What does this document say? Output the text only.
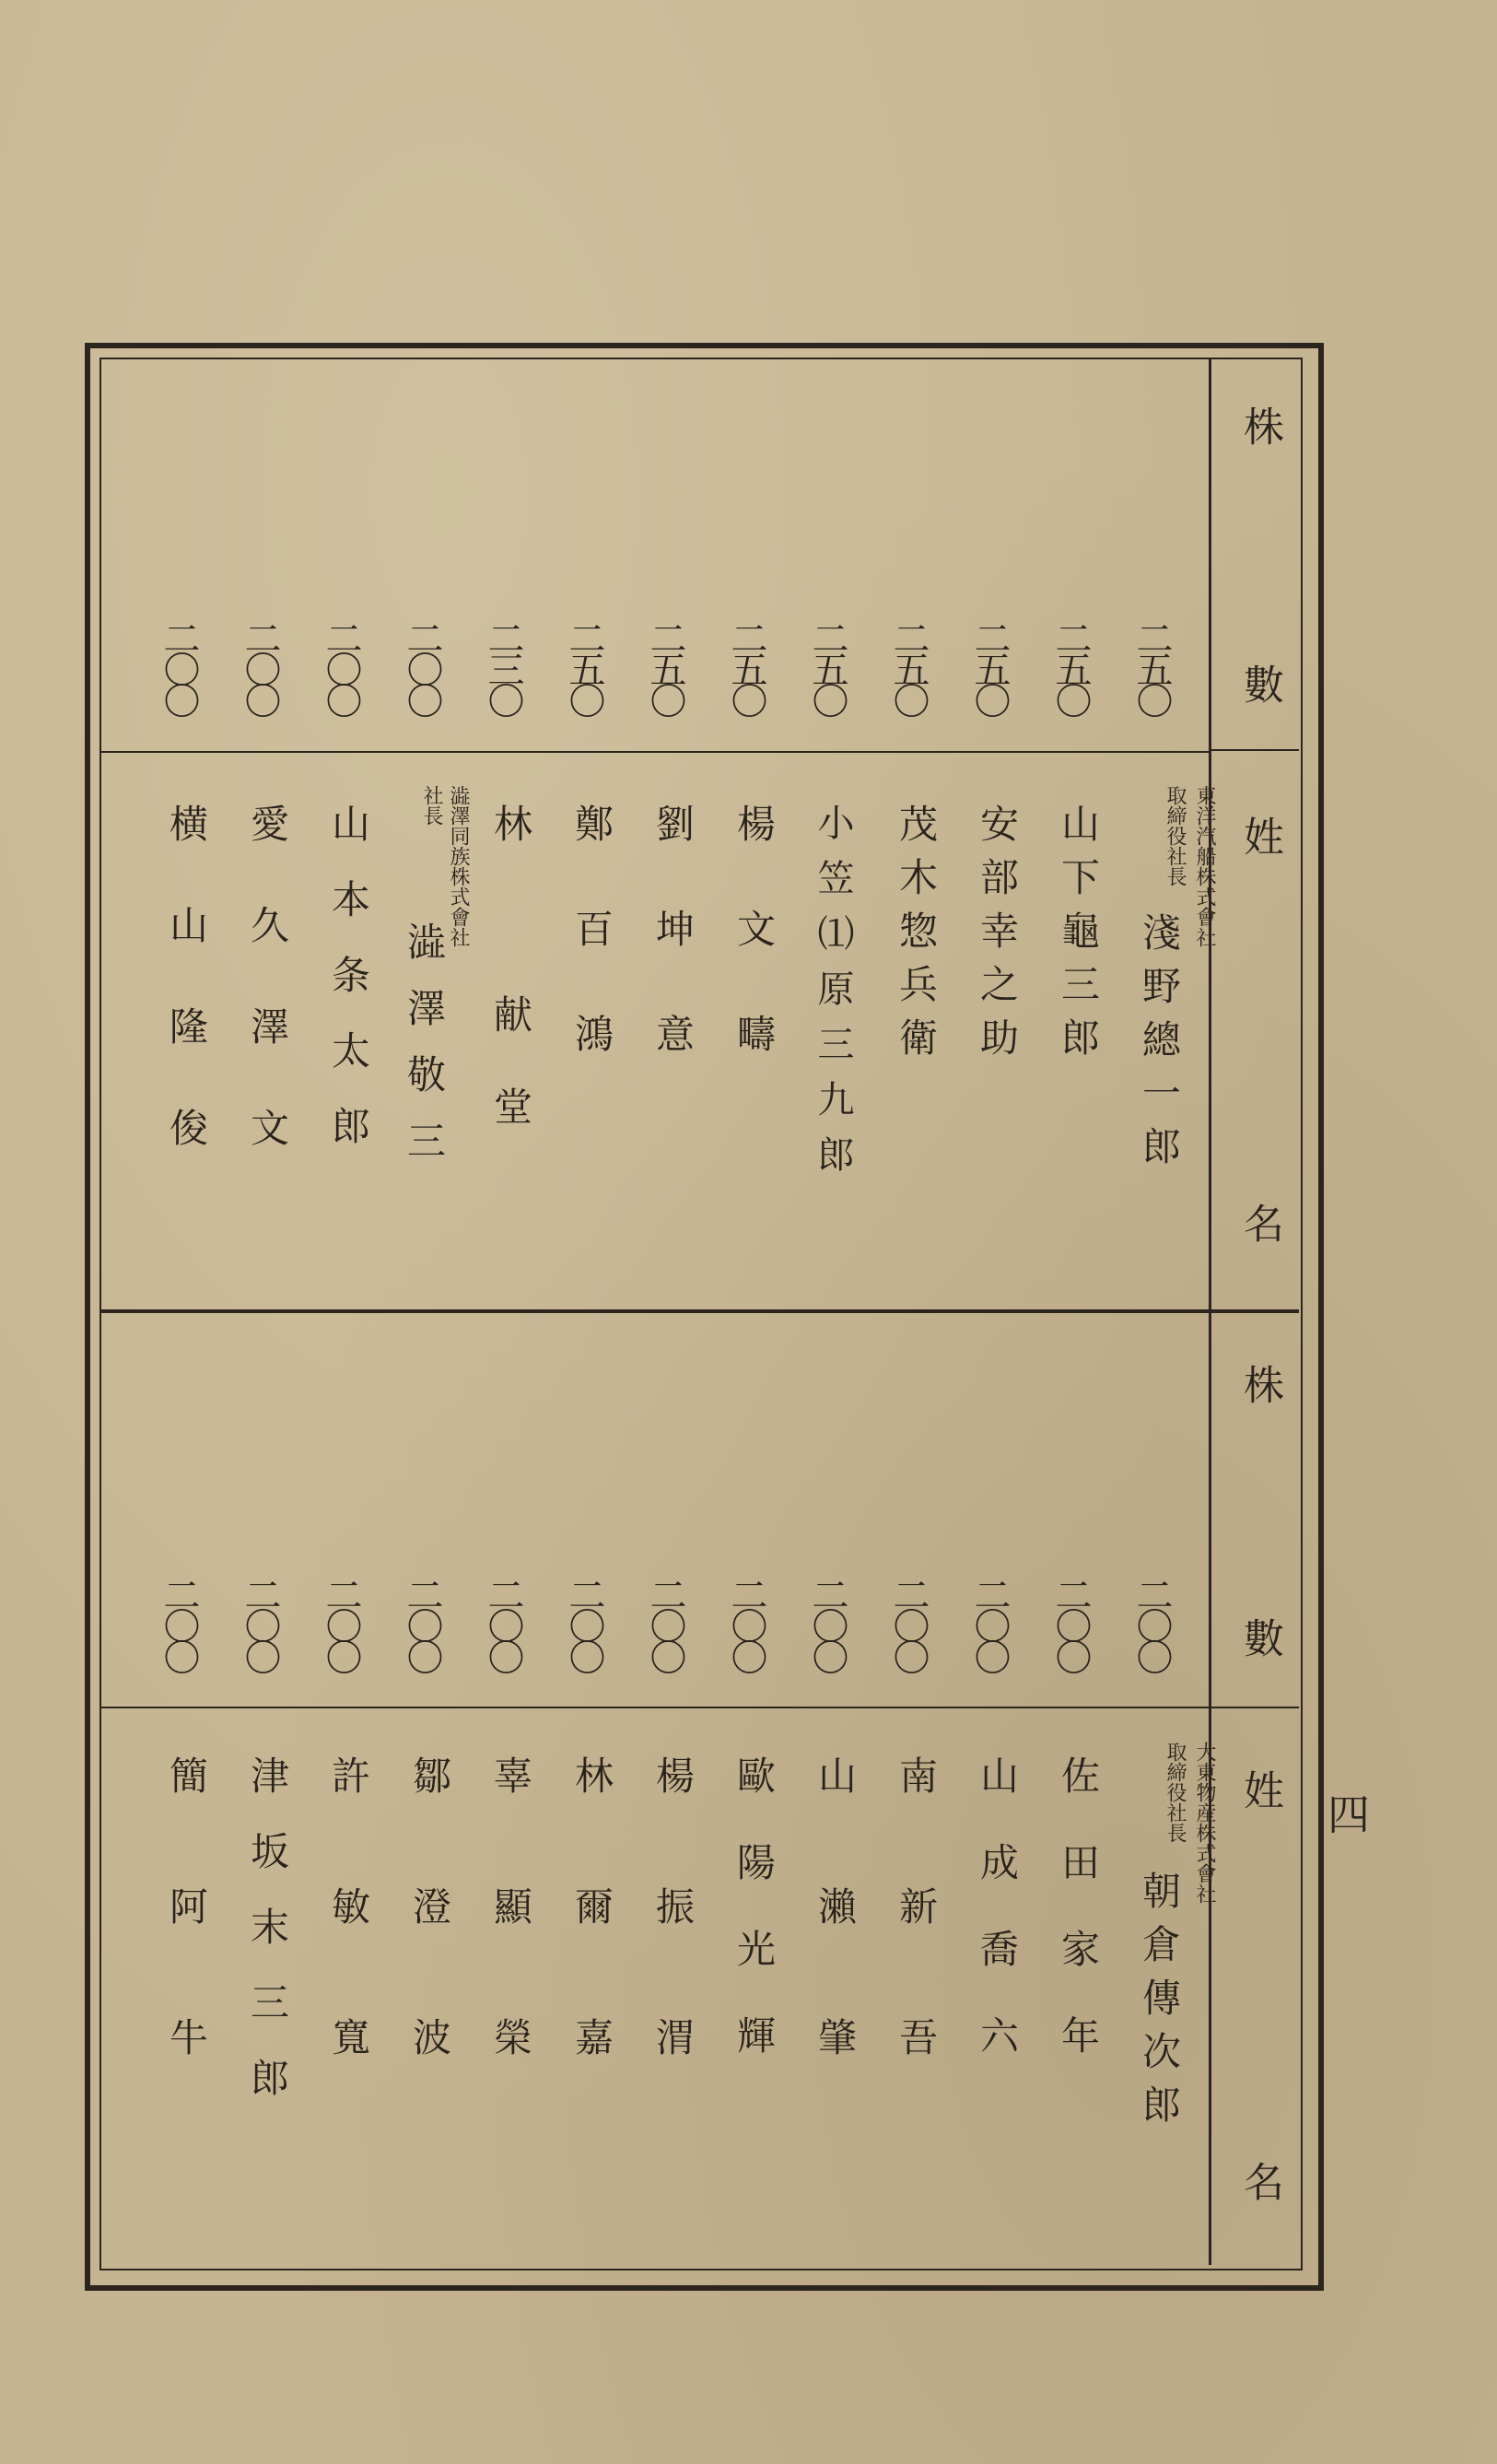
株
數
姓
名
株
數
姓
名
二五〇
二五〇
二五〇
二五〇
二五〇
二五〇
二五〇
二五〇
二三〇
二〇〇
二〇〇
二〇〇
二〇〇
東洋汽船株式會社
取締役社長
淺野總一郎
山下龜三郎
安部幸之助
茂木惣兵衛
小笠⑴原三九郎
楊文疇
劉坤意
鄭百鴻
林 献堂
澁澤同族株式會社
社長
澁澤敬三
山本条太郎
愛久澤文
横山隆俊
二〇〇
二〇〇
二〇〇
二〇〇
二〇〇
二〇〇
二〇〇
二〇〇
二〇〇
二〇〇
二〇〇
二〇〇
二〇〇
大東物産株式會社
取締役社長
朝倉傳次郎
佐田家年
山成喬六
南新吾
山瀨肇
歐陽光輝
楊振渭
林爾嘉
辜顯榮
鄒澄波
許敏寬
津坂末三郎
簡阿牛	四
